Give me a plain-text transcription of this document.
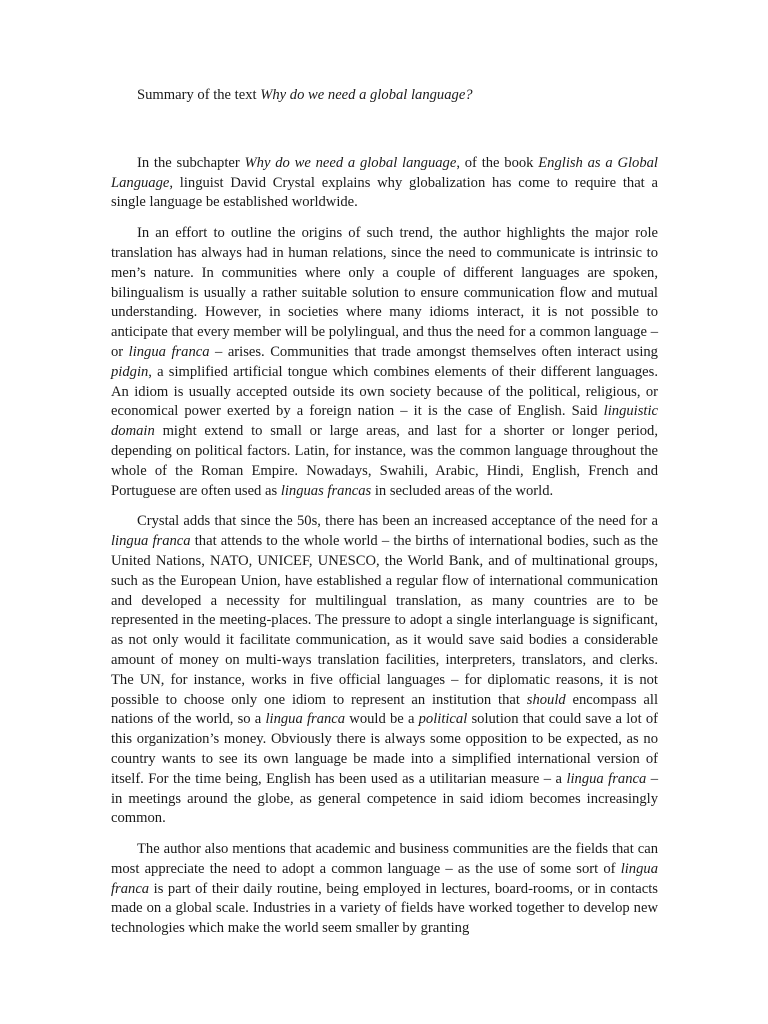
Summary of the text Why do we need a global language?
In the subchapter Why do we need a global language, of the book English as a Global Language, linguist David Crystal explains why globalization has come to require that a single language be established worldwide.
In an effort to outline the origins of such trend, the author highlights the major role translation has always had in human relations, since the need to communicate is intrinsic to men’s nature. In communities where only a couple of different languages are spoken, bilingualism is usually a rather suitable solution to ensure communication flow and mutual understanding. However, in societies where many idioms interact, it is not possible to anticipate that every member will be polylingual, and thus the need for a common language – or lingua franca – arises. Communities that trade amongst themselves often interact using pidgin, a simplified artificial tongue which combines elements of their different languages. An idiom is usually accepted outside its own society because of the political, religious, or economical power exerted by a foreign nation – it is the case of English. Said linguistic domain might extend to small or large areas, and last for a shorter or longer period, depending on political factors. Latin, for instance, was the common language throughout the whole of the Roman Empire. Nowadays, Swahili, Arabic, Hindi, English, French and Portuguese are often used as linguas francas in secluded areas of the world.
Crystal adds that since the 50s, there has been an increased acceptance of the need for a lingua franca that attends to the whole world – the births of international bodies, such as the United Nations, NATO, UNICEF, UNESCO, the World Bank, and of multinational groups, such as the European Union, have established a regular flow of international communication and developed a necessity for multilingual translation, as many countries are to be represented in the meeting-places. The pressure to adopt a single interlanguage is significant, as not only would it facilitate communication, as it would save said bodies a considerable amount of money on multi-ways translation facilities, interpreters, translators, and clerks. The UN, for instance, works in five official languages – for diplomatic reasons, it is not possible to choose only one idiom to represent an institution that should encompass all nations of the world, so a lingua franca would be a political solution that could save a lot of this organization’s money. Obviously there is always some opposition to be expected, as no country wants to see its own language be made into a simplified international version of itself. For the time being, English has been used as a utilitarian measure – a lingua franca – in meetings around the globe, as general competence in said idiom becomes increasingly common.
The author also mentions that academic and business communities are the fields that can most appreciate the need to adopt a common language – as the use of some sort of lingua franca is part of their daily routine, being employed in lectures, board-rooms, or in contacts made on a global scale. Industries in a variety of fields have worked together to develop new technologies which make the world seem smaller by granting
